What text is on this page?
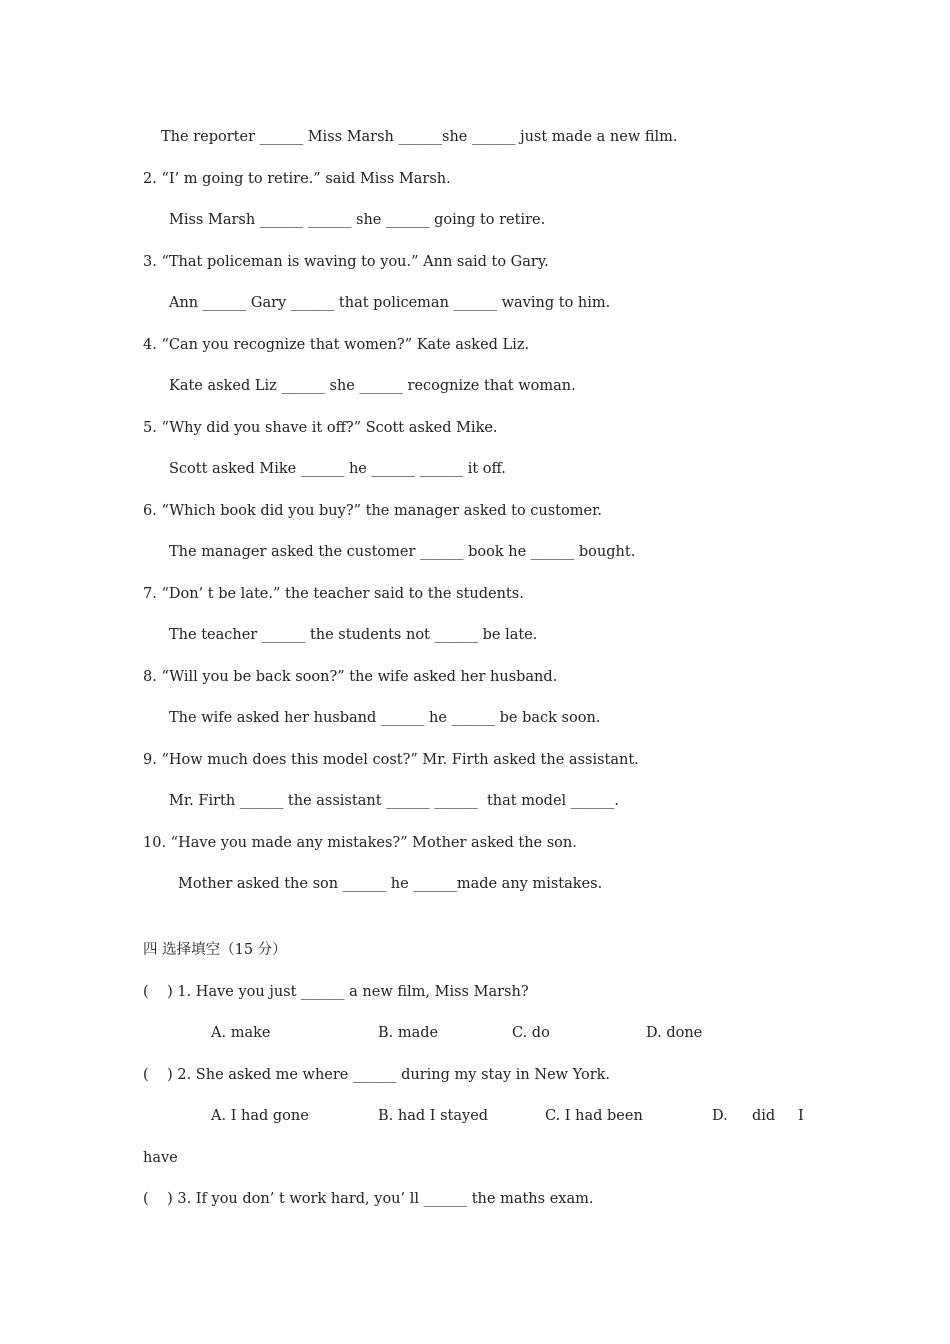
The reporter ______ Miss Marsh ______she ______ just made a new film.
2. “I’ m going to retire.” said Miss Marsh.
Miss Marsh ______ ______ she ______ going to retire.
3. “That policeman is waving to you.” Ann said to Gary.
Ann ______ Gary ______ that policeman ______ waving to him.
4. “Can you recognize that women?” Kate asked Liz.
Kate asked Liz ______ she ______ recognize that woman.
5. “Why did you shave it off?” Scott asked Mike.
Scott asked Mike ______ he ______ ______ it off.
6. “Which book did you buy?” the manager asked to customer.
The manager asked the customer ______ book he ______ bought.
7. “Don’ t be late.” the teacher said to the students.
The teacher ______ the students not ______ be late.
8. “Will you be back soon?” the wife asked her husband.
The wife asked her husband ______ he ______ be back soon.
9. “How much does this model cost?” Mr. Firth asked the assistant.
Mr. Firth ______ the assistant ______ ______  that model ______.
10. “Have you made any mistakes?” Mother asked the son.
Mother asked the son ______ he ______made any mistakes.
四 选择填空（15 分）
(    ) 1. Have you just ______ a new film, Miss Marsh?
A. make	B. made	C. do	D. done
(    ) 2. She asked me where ______ during my stay in New York.
A. I had gone	B. had I stayed	C. I had been	D. did I
have
(    ) 3. If you don’ t work hard, you’ ll ______ the maths exam.
